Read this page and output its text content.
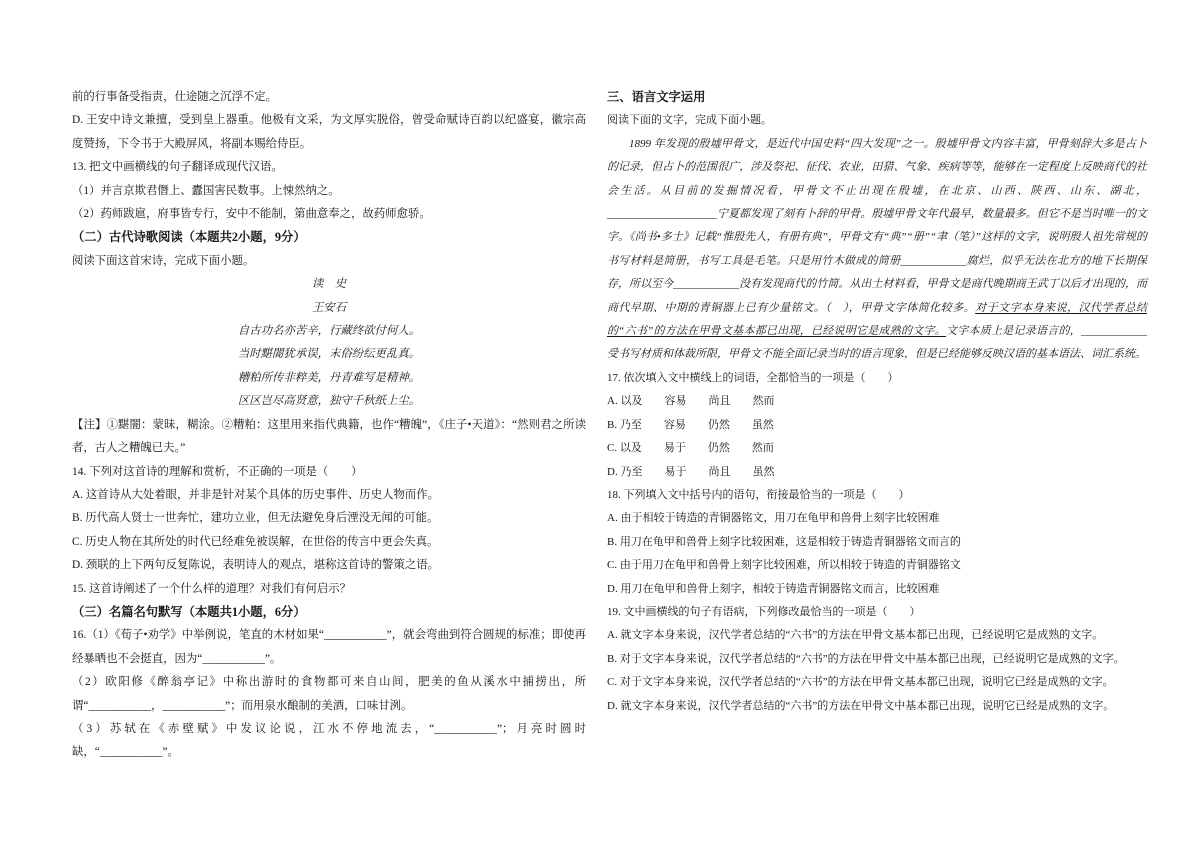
前的行事备受指责，仕途随之沉浮不定。
D. 王安中诗文兼擅，受到皇上器重。他极有文采，为文厚实脱俗，曾受命赋诗百韵以纪盛宴，徽宗高度赞扬，下令书于大殿屏风，将副本赐给侍臣。
13. 把文中画横线的句子翻译成现代汉语。
（1）并言京欺君僭上、蠹国害民数事。上悚然纳之。
（2）药师跋扈，府事皆专行，安中不能制，第曲意奉之，故药师愈骄。
（二）古代诗歌阅读（本题共2小题，9分）
阅读下面这首宋诗，完成下面小题。
读　史
王安石
自古功名亦苦辛，行藏终欲付何人。
当时黮闇犹承误，末俗纷纭更乱真。
糟粕所传非粹美，丹青难写是精神。
区区岂尽高贤意，独守千秋纸上尘。
【注】①黮闇：蒙昧，糊涂。②糟粕：这里用来指代典籍，也作“糟魄”，《庄子•天道》：“然则君之所读者，古人之糟魄已夫。”
14. 下列对这首诗的理解和赏析，不正确的一项是（　　）
A. 这首诗从大处着眼，并非是针对某个具体的历史事件、历史人物而作。
B. 历代高人贤士一世奔忙，建功立业，但无法避免身后湮没无闻的可能。
C. 历史人物在其所处的时代已经难免被误解，在世俗的传言中更会失真。
D. 颈联的上下两句反复陈说，表明诗人的观点，堪称这首诗的警策之语。
15. 这首诗阐述了一个什么样的道理？对我们有何启示？
（三）名篇名句默写（本题共1小题，6分）
16.（1）《荀子•劝学》中举例说，笔直的木材如果“___________”，就会弯曲到符合圆规的标准；即使再经暴晒也不会挺直，因为“___________”。
（2）欧阳修《醉翁亭记》中称出游时的食物都可来自山间，肥美的鱼从溪水中捕捞出，所谓“___________，___________”；而用泉水酿制的美酒，口味甘洌。
（3）苏轼在《赤壁赋》中发议论说，江水不停地流去，“___________”；月亮时圆时缺，“___________”。
三、语言文字运用
阅读下面的文字，完成下面小题。
1899 年发现的殷墟甲骨文，是近代中国史料“四大发现”之一。殷墟甲骨文内容丰富，甲骨刻辞大多是占卜的记录，但占卜的范围很广，涉及祭祀、征伐、农业，田猎、气象、疾病等等，能够在一定程度上反映商代的社会生活。从目前的发掘情况看，甲骨文不止出现在殷墟，在北京、山西、陕西、山东、湖北，____________________宁夏都发现了刻有卜辞的甲骨。殷墟甲骨文年代最早，数量最多。但它不是当时唯一的文字。《尚书•多士》记载“惟殷先人，有册有典”，甲骨文有“典”“册”“聿（笔）”这样的文字，说明殷人祖先常规的书写材料是简册，书写工具是毛笔。只是用竹木做成的简册____________腐烂，似乎无法在北方的地下长期保存，所以至今____________没有发现商代的竹简。从出土材料看，甲骨文是商代晚期商王武丁以后才出现的，而商代早期、中期的青铜器上已有少量铭文。（　），甲骨文字体简化较多。对于文字本身来说，汉代学者总结的“六书”的方法在甲骨文基本都已出现，已经说明它是成熟的文字。文字本质上是记录语言的，____________受书写材质和体裁所限，甲骨文不能全面记录当时的语言现象，但是已经能够反映汉语的基本语法、词汇系统。
17. 依次填入文中横线上的词语，全都恰当的一项是（　　）
A. 以及　　容易　　尚且　　然而
B. 乃至　　容易　　仍然　　虽然
C. 以及　　易于　　仍然　　然而
D. 乃至　　易于　　尚且　　虽然
18. 下列填入文中括号内的语句，衔接最恰当的一项是（　　）
A. 由于相较于铸造的青铜器铭文，用刀在龟甲和兽骨上刻字比较困难
B. 用刀在龟甲和兽骨上刻字比较困难，这是相较于铸造青铜器铭文而言的
C. 由于用刀在龟甲和兽骨上刻字比较困难，所以相较于铸造的青铜器铭文
D. 用刀在龟甲和兽骨上刻字，相较于铸造青铜器铭文而言，比较困难
19. 文中画横线的句子有语病，下列修改最恰当的一项是（　　）
A. 就文字本身来说，汉代学者总结的“六书”的方法在甲骨文基本都已出现，已经说明它是成熟的文字。
B. 对于文字本身来说，汉代学者总结的“六书”的方法在甲骨文中基本都已出现，已经说明它是成熟的文字。
C. 对于文字本身来说，汉代学者总结的“六书”的方法在甲骨文基本都已出现，说明它已经是成熟的文字。
D. 就文字本身来说，汉代学者总结的“六书”的方法在甲骨文中基本都已出现，说明它已经是成熟的文字。
